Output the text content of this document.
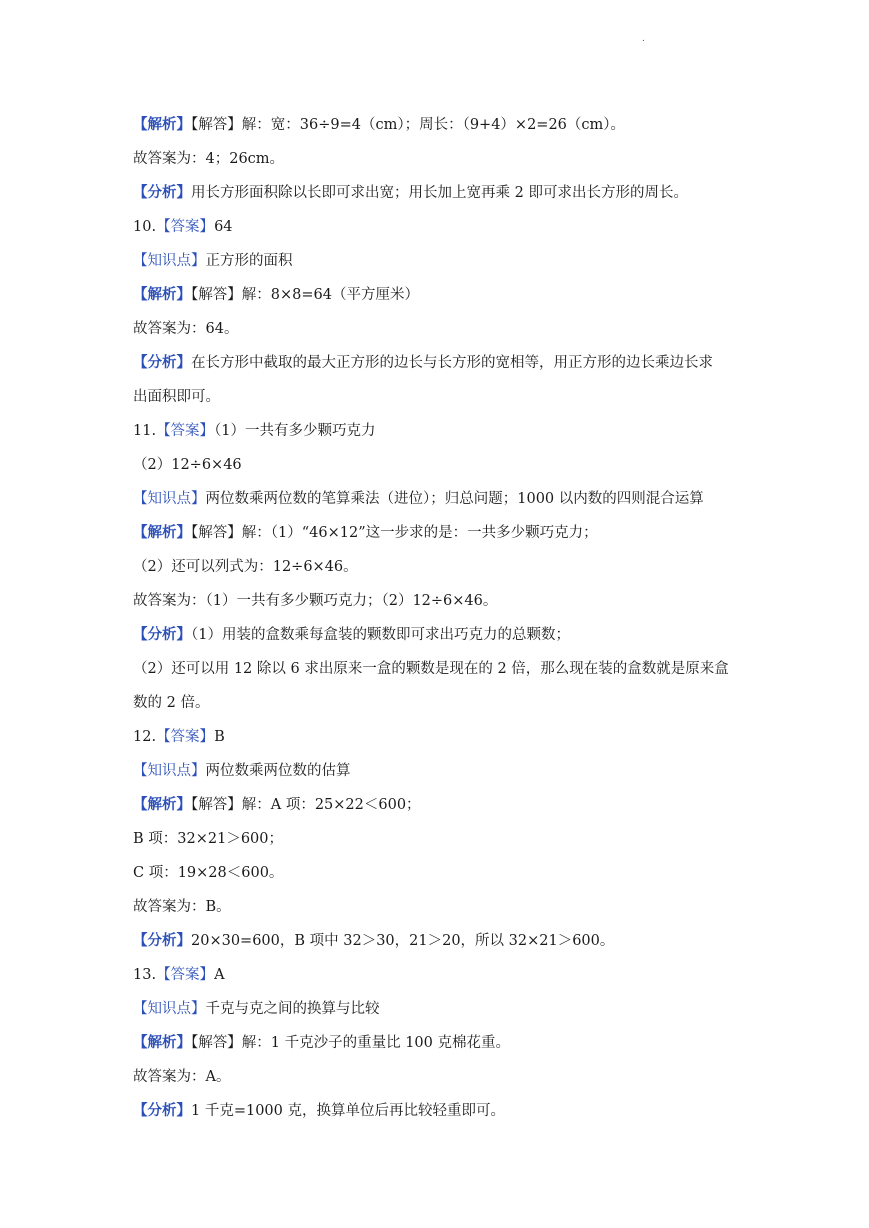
.
【解析】【解答】解：宽：36÷9=4（cm）；周长：（9+4）×2=26（cm）。
故答案为：4；26cm。
【分析】用长方形面积除以长即可求出宽；用长加上宽再乘 2 即可求出长方形的周长。
10.【答案】64
【知识点】正方形的面积
【解析】【解答】解：8×8=64（平方厘米）
故答案为：64。
【分析】在长方形中截取的最大正方形的边长与长方形的宽相等，用正方形的边长乘边长求
出面积即可。
11.【答案】（1）一共有多少颗巧克力
（2）12÷6×46
【知识点】两位数乘两位数的笔算乘法（进位）；归总问题；1000 以内数的四则混合运算
【解析】【解答】解：（1）“46×12”这一步求的是：一共多少颗巧克力；
（2）还可以列式为：12÷6×46。
故答案为：（1）一共有多少颗巧克力；（2）12÷6×46。
【分析】（1）用装的盒数乘每盒装的颗数即可求出巧克力的总颗数；
（2）还可以用 12 除以 6 求出原来一盒的颗数是现在的 2 倍，那么现在装的盒数就是原来盒
数的 2 倍。
12.【答案】B
【知识点】两位数乘两位数的估算
【解析】【解答】解：A 项：25×22＜600；
B 项：32×21＞600；
C 项：19×28＜600。
故答案为：B。
【分析】20×30=600，B 项中 32＞30，21＞20，所以 32×21＞600。
13.【答案】A
【知识点】千克与克之间的换算与比较
【解析】【解答】解：1 千克沙子的重量比 100 克棉花重。
故答案为：A。
【分析】1 千克=1000 克，换算单位后再比较轻重即可。
